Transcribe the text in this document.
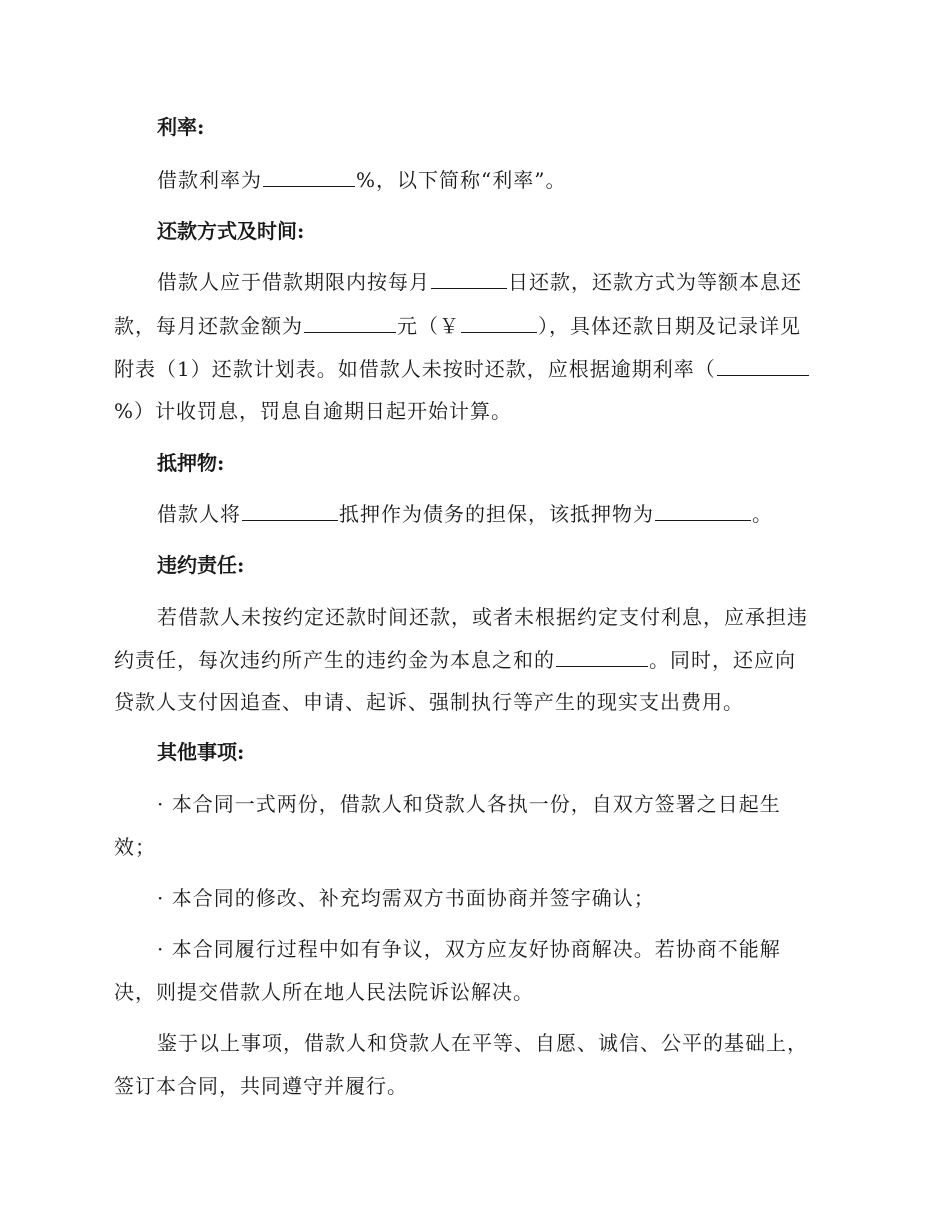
利率:
借款利率为	%，以下简称“利率”。
还款方式及时间:
借款人应于借款期限内按每月	日还款，还款方式为等额本息还
款，每月还款金额为	元（￥	），具体还款日期及记录详见
附表（1）还款计划表。如借款人未按时还款，应根据逾期利率（
%）计收罚息，罚息自逾期日起开始计算。
抵押物:
借款人将	抵押作为债务的担保，该抵押物为	。
违约责任:
若借款人未按约定还款时间还款，或者未根据约定支付利息，应承担违
约责任，每次违约所产生的违约金为本息之和的	。同时，还应向
贷款人支付因追查、申请、起诉、强制执行等产生的现实支出费用。
其他事项:
· 本合同一式两份，借款人和贷款人各执一份，自双方签署之日起生
效；
· 本合同的修改、补充均需双方书面协商并签字确认；
· 本合同履行过程中如有争议，双方应友好协商解决。若协商不能解
决，则提交借款人所在地人民法院诉讼解决。
鉴于以上事项，借款人和贷款人在平等、自愿、诚信、公平的基础上，
签订本合同，共同遵守并履行。
